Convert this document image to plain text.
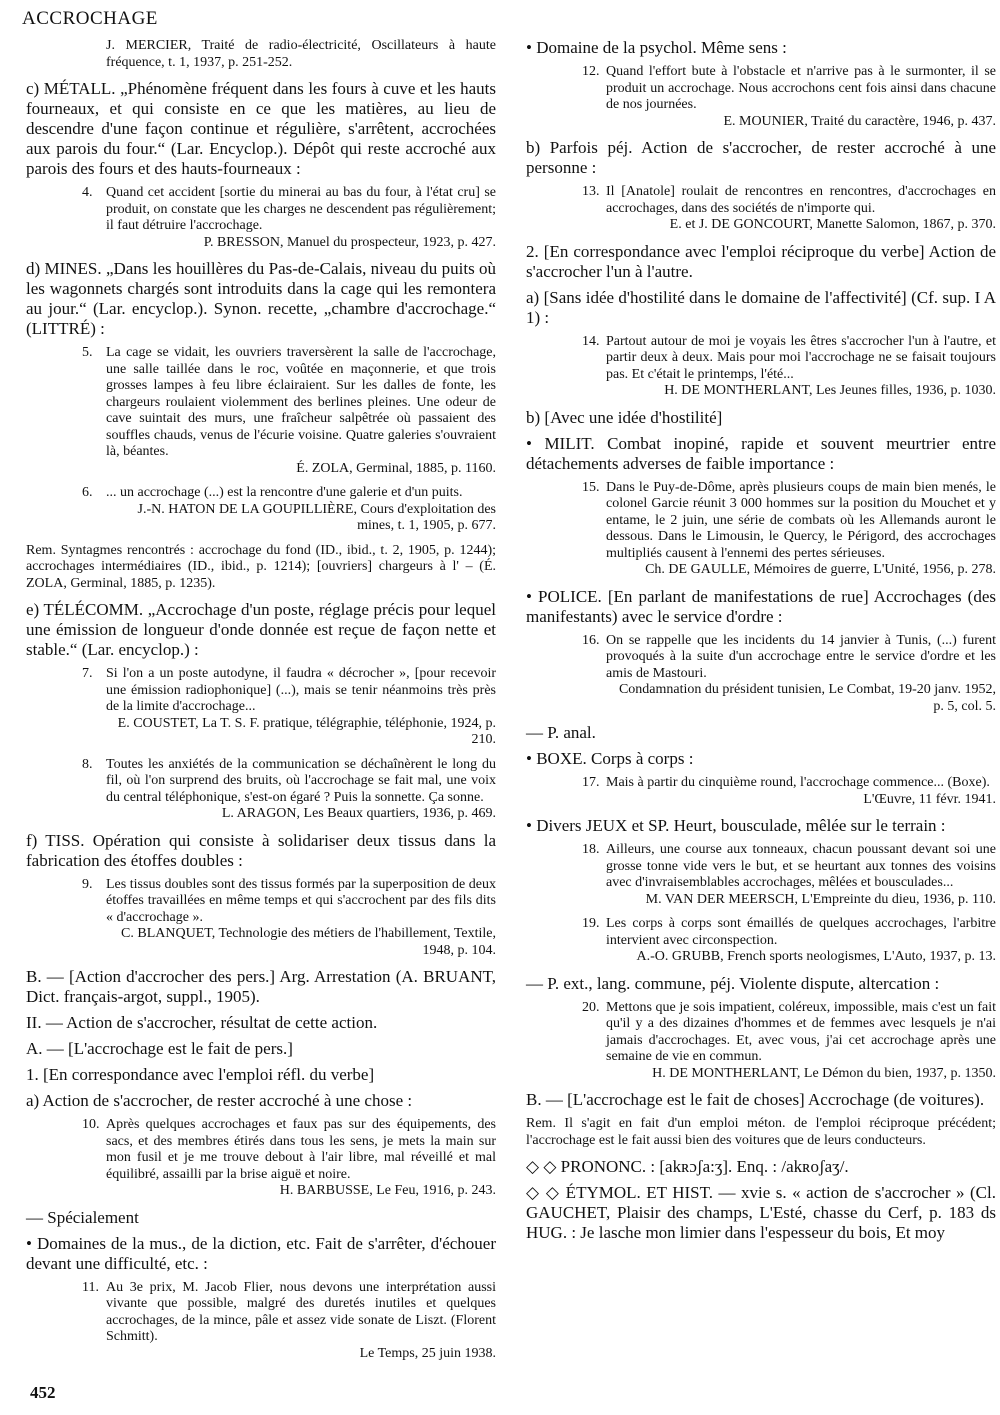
ACCROCHAGE
J. MERCIER, Traité de radio-électricité, Oscillateurs à haute fréquence, t. 1, 1937, p. 251-252.
c) MÉTALL. „Phénomène fréquent dans les fours à cuve et les hauts fourneaux, et qui consiste en ce que les matières, au lieu de descendre d'une façon continue et régulière, s'arrêtent, accrochées aux parois du four.“ (Lar. Encyclop.). Dépôt qui reste accroché aux parois des fours et des hauts-fourneaux :
4. Quand cet accident [sortie du minerai au bas du four, à l'état cru] se produit, on constate que les charges ne descendent pas régulièrement; il faut détruire l'accrochage.
P. BRESSON, Manuel du prospecteur, 1923, p. 427.
d) MINES. „Dans les houillères du Pas-de-Calais, niveau du puits où les wagonnets chargés sont introduits dans la cage qui les remontera au jour.“ (Lar. encyclop.). Synon. recette, „chambre d'accrochage.“ (LITTRÉ) :
5. La cage se vidait, les ouvriers traversèrent la salle de l'accrochage, une salle taillée dans le roc, voûtée en maçonnerie, et que trois grosses lampes à feu libre éclairaient. Sur les dalles de fonte, les chargeurs roulaient violemment des berlines pleines. Une odeur de cave suintait des murs, une fraîcheur salpêtrée où passaient des souffles chauds, venus de l'écurie voisine. Quatre galeries s'ouvraient là, béantes.
É. ZOLA, Germinal, 1885, p. 1160.
6. ... un accrochage (...) est la rencontre d'une galerie et d'un puits.
J.-N. HATON DE LA GOUPILLIÈRE, Cours d'exploitation des mines, t. 1, 1905, p. 677.
Rem. Syntagmes rencontrés : accrochage du fond (ID., ibid., t. 2, 1905, p. 1244); accrochages intermédiaires (ID., ibid., p. 1214); [ouvriers] chargeurs à l' – (É. ZOLA, Germinal, 1885, p. 1235).
e) TÉLÉCOMM. „Accrochage d'un poste, réglage précis pour lequel une émission de longueur d'onde donnée est reçue de façon nette et stable.“ (Lar. encyclop.) :
7. Si l'on a un poste autodyne, il faudra « décrocher », [pour recevoir une émission radiophonique] (...), mais se tenir néanmoins très près de la limite d'accrochage...
E. COUSTET, La T. S. F. pratique, télégraphie, téléphonie, 1924, p. 210.
8. Toutes les anxiétés de la communication se déchaînèrent le long du fil, où l'on surprend des bruits, où l'accrochage se fait mal, une voix du central téléphonique, s'est-on égaré ? Puis la sonnette. Ça sonne.
L. ARAGON, Les Beaux quartiers, 1936, p. 469.
f) TISS. Opération qui consiste à solidariser deux tissus dans la fabrication des étoffes doubles :
9. Les tissus doubles sont des tissus formés par la superposition de deux étoffes travaillées en même temps et qui s'accrochent par des fils dits « d'accrochage ».
C. BLANQUET, Technologie des métiers de l'habillement, Textile, 1948, p. 104.
B. — [Action d'accrocher des pers.] Arg. Arrestation (A. BRUANT, Dict. français-argot, suppl., 1905).
II. — Action de s'accrocher, résultat de cette action.
A. — [L'accrochage est le fait de pers.]
1. [En correspondance avec l'emploi réfl. du verbe]
a) Action de s'accrocher, de rester accroché à une chose :
10. Après quelques accrochages et faux pas sur des équipements, des sacs, et des membres étirés dans tous les sens, je mets la main sur mon fusil et je me trouve debout à l'air libre, mal réveillé et mal équilibré, assailli par la brise aiguë et noire.
H. BARBUSSE, Le Feu, 1916, p. 243.
— Spécialement
• Domaines de la mus., de la diction, etc. Fait de s'arrêter, d'échouer devant une difficulté, etc. :
11. Au 3e prix, M. Jacob Flier, nous devons une interprétation aussi vivante que possible, malgré des duretés inutiles et quelques accrochages, de la mince, pâle et assez vide sonate de Liszt. (Florent Schmitt).
Le Temps, 25 juin 1938.
• Domaine de la psychol. Même sens :
12. Quand l'effort bute à l'obstacle et n'arrive pas à le surmonter, il se produit un accrochage. Nous accrochons cent fois ainsi dans chacune de nos journées.
E. MOUNIER, Traité du caractère, 1946, p. 437.
b) Parfois péj. Action de s'accrocher, de rester accroché à une personne :
13. Il [Anatole] roulait de rencontres en rencontres, d'accrochages en accrochages, dans des sociétés de n'importe qui.
E. et J. DE GONCOURT, Manette Salomon, 1867, p. 370.
2. [En correspondance avec l'emploi réciproque du verbe] Action de s'accrocher l'un à l'autre.
a) [Sans idée d'hostilité dans le domaine de l'affectivité] (Cf. sup. I A 1) :
14. Partout autour de moi je voyais les êtres s'accrocher l'un à l'autre, et partir deux à deux. Mais pour moi l'accrochage ne se faisait toujours pas. Et c'était le printemps, l'été...
H. DE MONTHERLANT, Les Jeunes filles, 1936, p. 1030.
b) [Avec une idée d'hostilité]
• MILIT. Combat inopiné, rapide et souvent meurtrier entre détachements adverses de faible importance :
15. Dans le Puy-de-Dôme, après plusieurs coups de main bien menés, le colonel Garcie réunit 3 000 hommes sur la position du Mouchet et y entame, le 2 juin, une série de combats où les Allemands auront le dessous. Dans le Limousin, le Quercy, le Périgord, des accrochages multipliés causent à l'ennemi des pertes sérieuses.
Ch. DE GAULLE, Mémoires de guerre, L'Unité, 1956, p. 278.
• POLICE. [En parlant de manifestations de rue] Accrochages (des manifestants) avec le service d'ordre :
16. On se rappelle que les incidents du 14 janvier à Tunis, (...) furent provoqués à la suite d'un accrochage entre le service d'ordre et les amis de Mastouri.
Condamnation du président tunisien, Le Combat, 19-20 janv. 1952, p. 5, col. 5.
— P. anal.
• BOXE. Corps à corps :
17. Mais à partir du cinquième round, l'accrochage commence... (Boxe).
L'Œuvre, 11 févr. 1941.
• Divers JEUX et SP. Heurt, bousculade, mêlée sur le terrain :
18. Ailleurs, une course aux tonneaux, chacun poussant devant soi une grosse tonne vide vers le but, et se heurtant aux tonnes des voisins avec d'invraisemblables accrochages, mêlées et bousculades...
M. VAN DER MEERSCH, L'Empreinte du dieu, 1936, p. 110.
19. Les corps à corps sont émaillés de quelques accrochages, l'arbitre intervient avec circonspection.
A.-O. GRUBB, French sports neologismes, L'Auto, 1937, p. 13.
— P. ext., lang. commune, péj. Violente dispute, altercation :
20. Mettons que je sois impatient, coléreux, impossible, mais c'est un fait qu'il y a des dizaines d'hommes et de femmes avec lesquels je n'ai jamais d'accrochages. Et, avec vous, j'ai cet accrochage après une semaine de vie en commun.
H. DE MONTHERLANT, Le Démon du bien, 1937, p. 1350.
B. — [L'accrochage est le fait de choses] Accrochage (de voitures).
Rem. Il s'agit en fait d'un emploi méton. de l'emploi réciproque précédent; l'accrochage est le fait aussi bien des voitures que de leurs conducteurs.
◇ ◇ PRONONC. : [akʀɔʃa:ʒ]. Enq. : /akʀoʃaʒ/.
◇ ◇ ÉTYMOL. ET HIST. — xvie s. « action de s'accrocher » (Cl. GAUCHET, Plaisir des champs, L'Esté, chasse du Cerf, p. 183 ds HUG. : Je lasche mon limier dans l'espesseur du bois, Et moy
452
